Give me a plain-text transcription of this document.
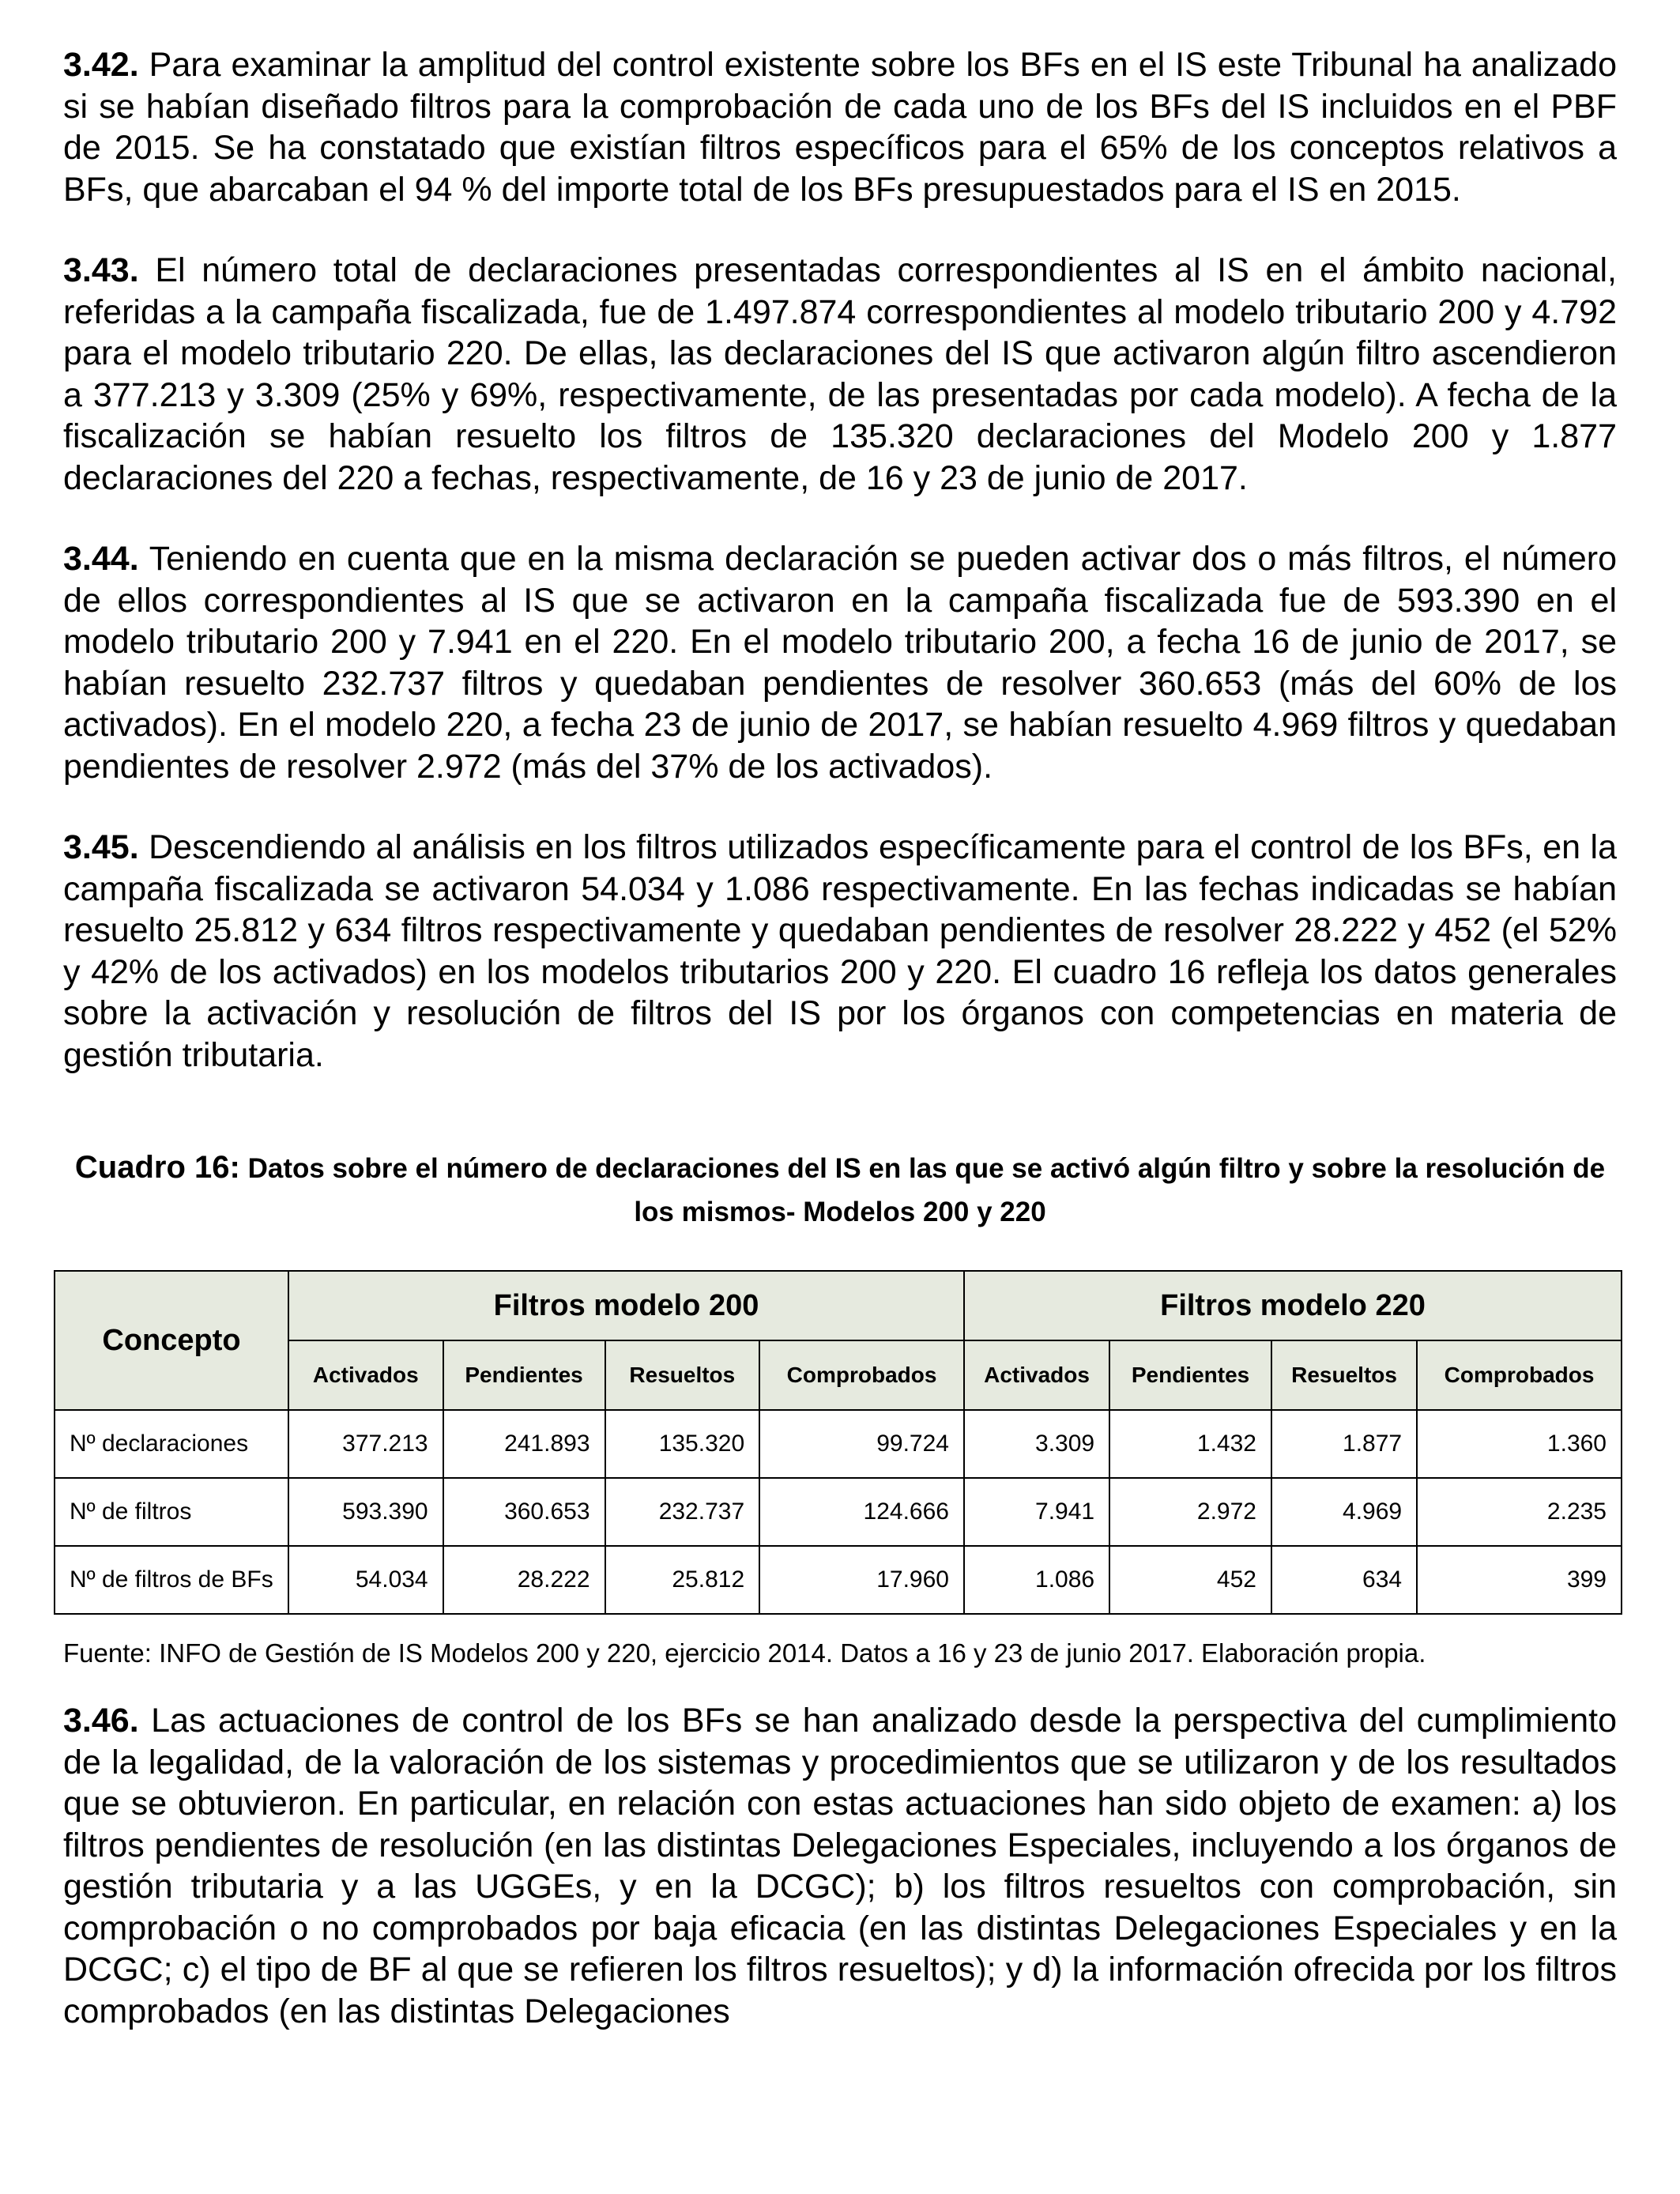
3.42. Para examinar la amplitud del control existente sobre los BFs en el IS este Tribunal ha analizado si se habían diseñado filtros para la comprobación de cada uno de los BFs del IS incluidos en el PBF de 2015. Se ha constatado que existían filtros específicos para el 65% de los conceptos relativos a BFs, que abarcaban el 94 % del importe total de los BFs presupuestados para el IS en 2015.

3.43. El número total de declaraciones presentadas correspondientes al IS en el ámbito nacional, referidas a la campaña fiscalizada, fue de 1.497.874 correspondientes al modelo tributario 200 y 4.792 para el modelo tributario 220. De ellas, las declaraciones del IS que activaron algún filtro ascendieron a 377.213 y 3.309 (25% y 69%, respectivamente, de las presentadas por cada modelo). A fecha de la fiscalización se habían resuelto los filtros de 135.320 declaraciones del Modelo 200 y 1.877 declaraciones del 220 a fechas, respectivamente, de 16 y 23 de junio de 2017.

3.44. Teniendo en cuenta que en la misma declaración se pueden activar dos o más filtros, el número de ellos correspondientes al IS que se activaron en la campaña fiscalizada fue de 593.390 en el modelo tributario 200 y 7.941 en el 220. En el modelo tributario 200, a fecha 16 de junio de 2017, se habían resuelto 232.737 filtros y quedaban pendientes de resolver 360.653 (más del 60% de los activados). En el modelo 220, a fecha 23 de junio de 2017, se habían resuelto 4.969 filtros y quedaban pendientes de resolver 2.972 (más del 37% de los activados).

3.45. Descendiendo al análisis en los filtros utilizados específicamente para el control de los BFs, en la campaña fiscalizada se activaron 54.034 y 1.086 respectivamente. En las fechas indicadas se habían resuelto 25.812 y 634 filtros respectivamente y quedaban pendientes de resolver 28.222 y 452 (el 52% y 42% de los activados) en los modelos tributarios 200 y 220. El cuadro 16 refleja los datos generales sobre la activación y resolución de filtros del IS por los órganos con competencias en materia de gestión tributaria.

Cuadro 16: Datos sobre el número de declaraciones del IS en las que se activó algún filtro y sobre la resolución de los mismos- Modelos 200 y 220
Concepto	Filtros modelo 200				Filtros modelo 220			
	Activados	Pendientes	Resueltos	Comprobados	Activados	Pendientes	Resueltos	Comprobados
Nº declaraciones	377.213	241.893	135.320	99.724	3.309	1.432	1.877	1.360
Nº de filtros	593.390	360.653	232.737	124.666	7.941	2.972	4.969	2.235
Nº de filtros de BFs	54.034	28.222	25.812	17.960	1.086	452	634	399
Fuente: INFO de Gestión de IS Modelos 200 y 220, ejercicio 2014. Datos a 16 y 23 de junio 2017. Elaboración propia.

3.46. Las actuaciones de control de los BFs se han analizado desde la perspectiva del cumplimiento de la legalidad, de la valoración de los sistemas y procedimientos que se utilizaron y de los resultados que se obtuvieron. En particular, en relación con estas actuaciones han sido objeto de examen: a) los filtros pendientes de resolución (en las distintas Delegaciones Especiales, incluyendo a los órganos de gestión tributaria y a las UGGEs, y en la DCGC); b) los filtros resueltos con comprobación, sin comprobación o no comprobados por baja eficacia (en las distintas Delegaciones Especiales y en la DCGC; c) el tipo de BF al que se refieren los filtros resueltos); y d) la información ofrecida por los filtros comprobados (en las distintas Delegaciones
